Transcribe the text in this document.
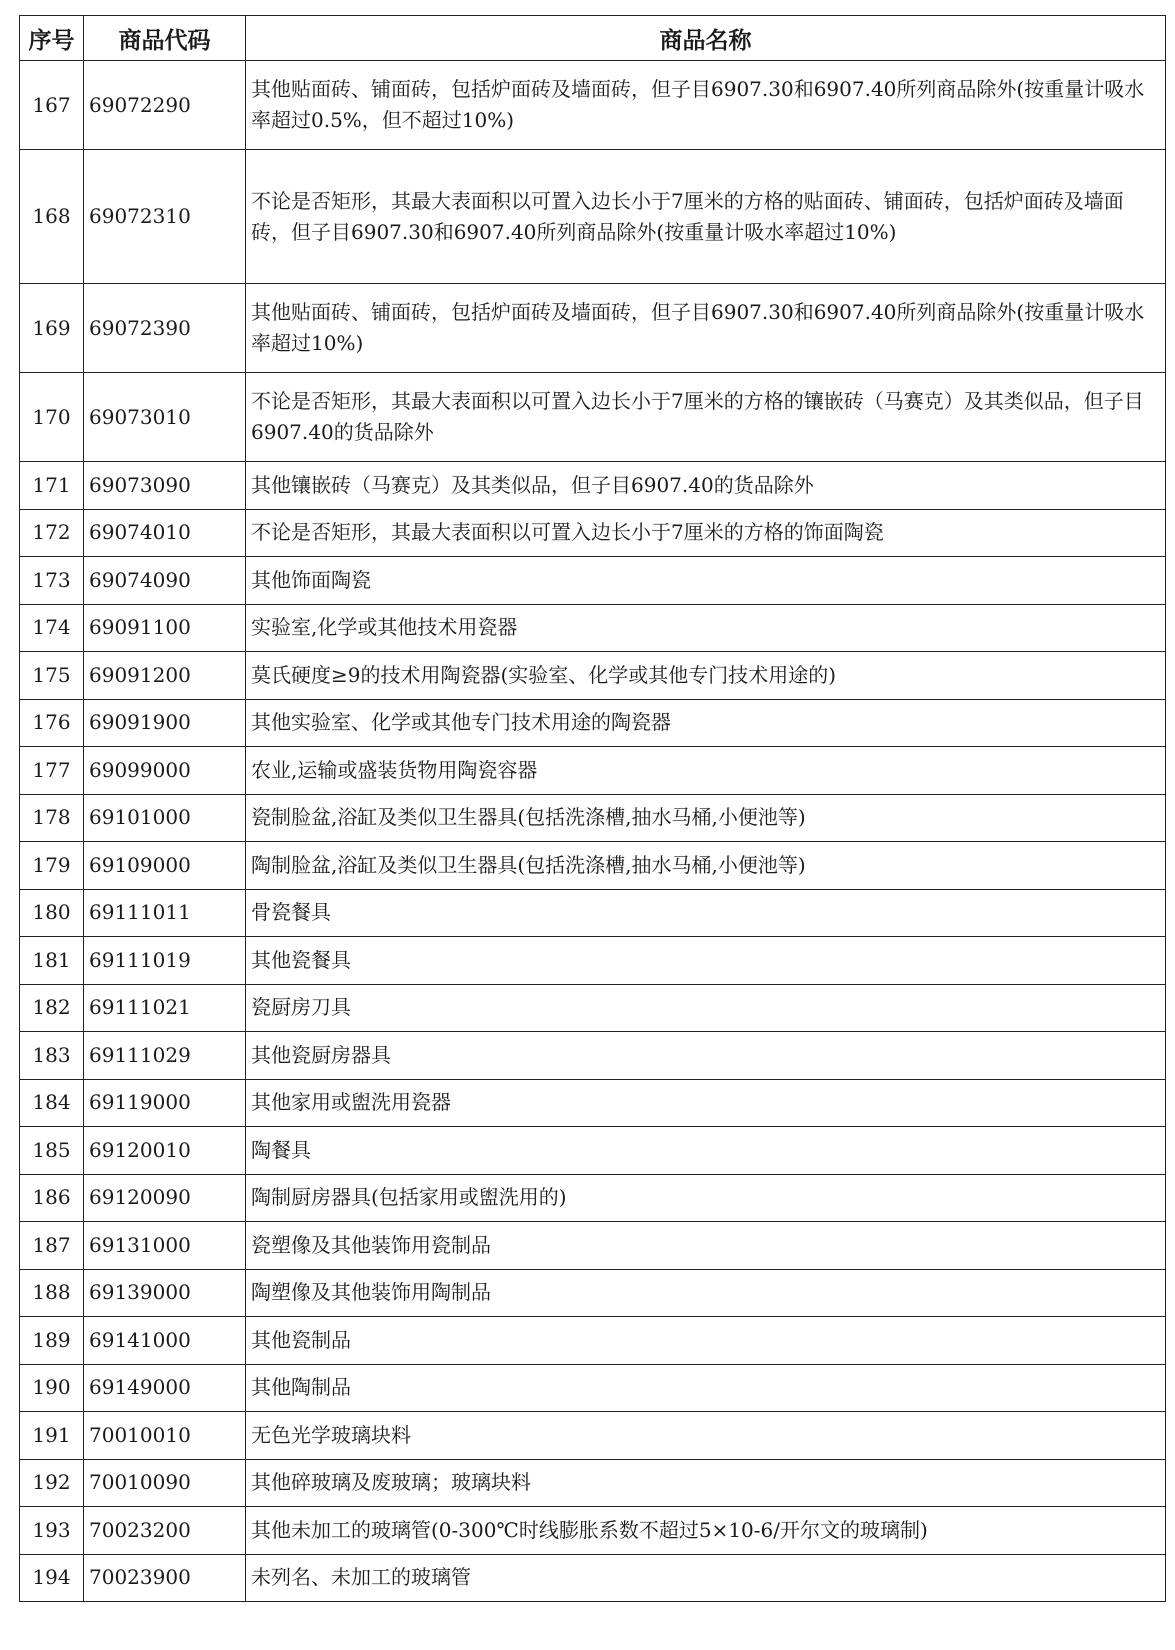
序号	商品代码	商品名称
167	69072290	其他贴面砖、铺面砖，包括炉面砖及墙面砖，但子目6907.30和6907.40所列商品除外(按重量计吸水率超过0.5%，但不超过10%)
168	69072310	不论是否矩形，其最大表面积以可置入边长小于7厘米的方格的贴面砖、铺面砖，包括炉面砖及墙面砖，但子目6907.30和6907.40所列商品除外(按重量计吸水率超过10%)
169	69072390	其他贴面砖、铺面砖，包括炉面砖及墙面砖，但子目6907.30和6907.40所列商品除外(按重量计吸水率超过10%)
170	69073010	不论是否矩形，其最大表面积以可置入边长小于7厘米的方格的镶嵌砖（马赛克）及其类似品，但子目6907.40的货品除外
171	69073090	其他镶嵌砖（马赛克）及其类似品，但子目6907.40的货品除外
172	69074010	不论是否矩形，其最大表面积以可置入边长小于7厘米的方格的饰面陶瓷
173	69074090	其他饰面陶瓷
174	69091100	实验室,化学或其他技术用瓷器
175	69091200	莫氏硬度≥9的技术用陶瓷器(实验室、化学或其他专门技术用途的)
176	69091900	其他实验室、化学或其他专门技术用途的陶瓷器
177	69099000	农业,运输或盛装货物用陶瓷容器
178	69101000	瓷制脸盆,浴缸及类似卫生器具(包括洗涤槽,抽水马桶,小便池等)
179	69109000	陶制脸盆,浴缸及类似卫生器具(包括洗涤槽,抽水马桶,小便池等)
180	69111011	骨瓷餐具
181	69111019	其他瓷餐具
182	69111021	瓷厨房刀具
183	69111029	其他瓷厨房器具
184	69119000	其他家用或盥洗用瓷器
185	69120010	陶餐具
186	69120090	陶制厨房器具(包括家用或盥洗用的)
187	69131000	瓷塑像及其他装饰用瓷制品
188	69139000	陶塑像及其他装饰用陶制品
189	69141000	其他瓷制品
190	69149000	其他陶制品
191	70010010	无色光学玻璃块料
192	70010090	其他碎玻璃及废玻璃；玻璃块料
193	70023200	其他未加工的玻璃管(0-300℃时线膨胀系数不超过5×10-6/开尔文的玻璃制)
194	70023900	未列名、未加工的玻璃管
